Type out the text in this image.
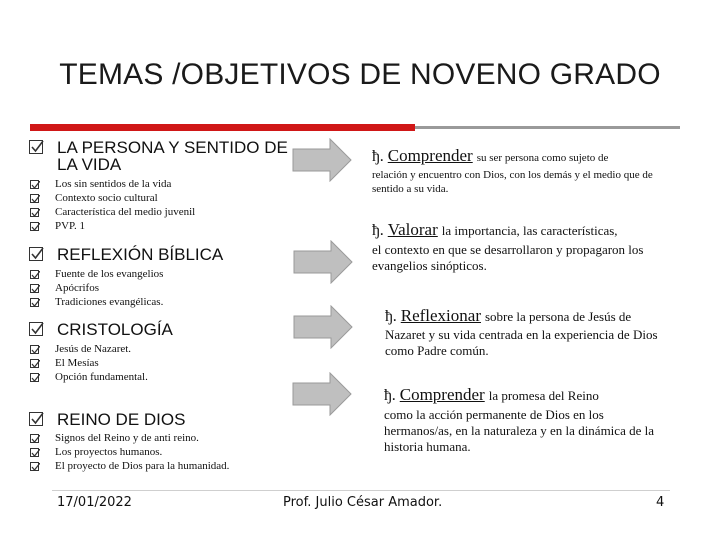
TEMAS /OBJETIVOS DE NOVENO GRADO
LA PERSONA Y SENTIDO DE LA VIDA
Los sin sentidos de la vida
Contexto socio cultural
Característica del medio juvenil
PVP. 1
REFLEXIÓN BÍBLICA
Fuente de los evangelios
Apócrifos
Tradiciones evangélicas.
CRISTOLOGÍA
Jesús de Nazaret.
El Mesías
Opción fundamental.
REINO DE DIOS
Signos del Reino y de anti reino.
Los proyectos humanos.
El proyecto de Dios para la humanidad.
ђ. Comprender su ser persona como sujeto de
relación y encuentro con Dios, con los demás y el medio que de sentido a su vida.
ђ. Valorar la importancia, las características,
el contexto en que se desarrollaron y propagaron los evangelios sinópticos.
ђ. Reflexionar sobre la persona de Jesús de
Nazaret y su vida centrada en la experiencia de Dios como Padre común.
ђ. Comprender la promesa del Reino
como la acción permanente de Dios en los hermanos/as, en la naturaleza y en la dinámica de la historia humana.
17/01/2022	Prof. Julio César Amador.	4
